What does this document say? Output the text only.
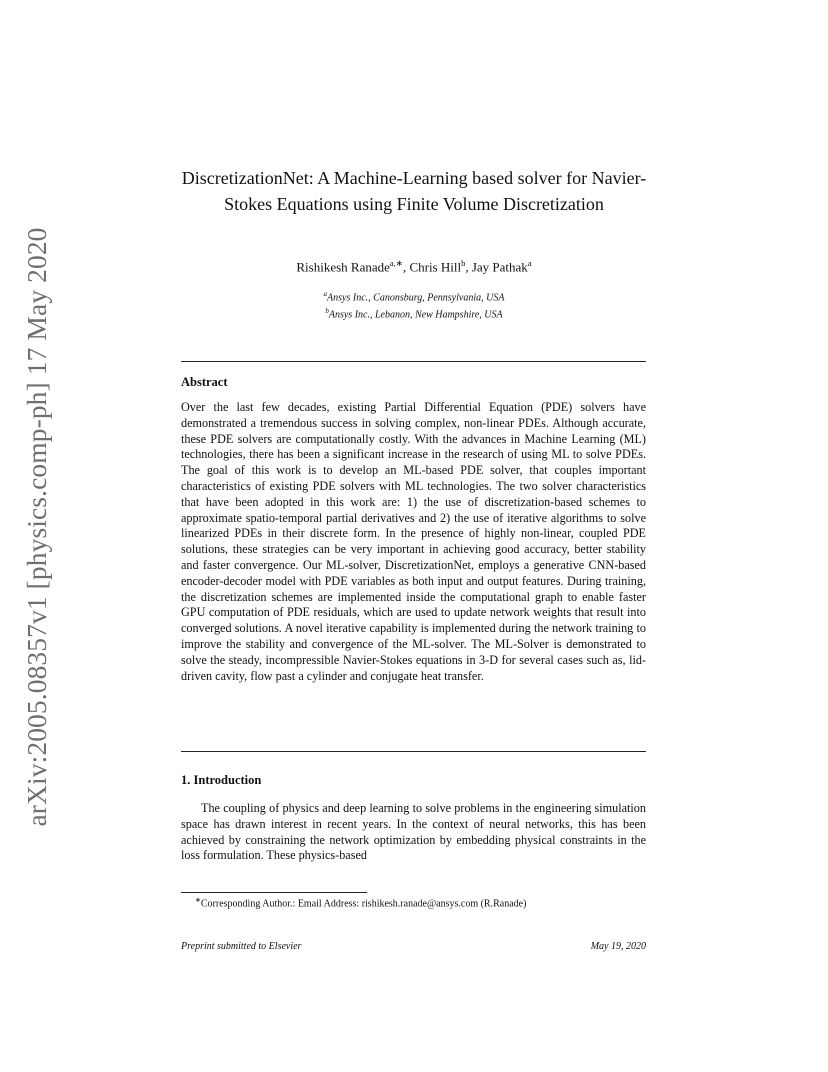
arXiv:2005.08357v1 [physics.comp-ph] 17 May 2020
DiscretizationNet: A Machine-Learning based solver for Navier-Stokes Equations using Finite Volume Discretization
Rishikesh Ranade$^{a,∗}$, Chris Hill$^b$, Jay Pathak$^a$
$^a$Ansys Inc., Canonsburg, Pennsylvania, USA
$^b$Ansys Inc., Lebanon, New Hampshire, USA
Abstract
Over the last few decades, existing Partial Differential Equation (PDE) solvers have demonstrated a tremendous success in solving complex, non-linear PDEs. Although accurate, these PDE solvers are computationally costly. With the advances in Machine Learning (ML) technologies, there has been a significant increase in the research of using ML to solve PDEs. The goal of this work is to develop an ML-based PDE solver, that couples important characteristics of existing PDE solvers with ML technologies. The two solver characteristics that have been adopted in this work are: 1) the use of discretization-based schemes to approximate spatio-temporal partial derivatives and 2) the use of iterative algorithms to solve linearized PDEs in their discrete form. In the presence of highly non-linear, coupled PDE solutions, these strategies can be very important in achieving good accuracy, better stability and faster convergence. Our ML-solver, DiscretizationNet, employs a generative CNN-based encoder-decoder model with PDE variables as both input and output features. During training, the discretization schemes are implemented inside the computational graph to enable faster GPU computation of PDE residuals, which are used to update network weights that result into converged solutions. A novel iterative capability is implemented during the network training to improve the stability and convergence of the ML-solver. The ML-Solver is demonstrated to solve the steady, incompressible Navier-Stokes equations in 3-D for several cases such as, lid-driven cavity, flow past a cylinder and conjugate heat transfer.
1. Introduction
The coupling of physics and deep learning to solve problems in the engineering simulation space has drawn interest in recent years. In the context of neural networks, this has been achieved by constraining the network optimization by embedding physical constraints in the loss formulation. These physics-based
∗Corresponding Author.: Email Address: rishikesh.ranade@ansys.com (R.Ranade)
Preprint submitted to Elsevier	May 19, 2020
